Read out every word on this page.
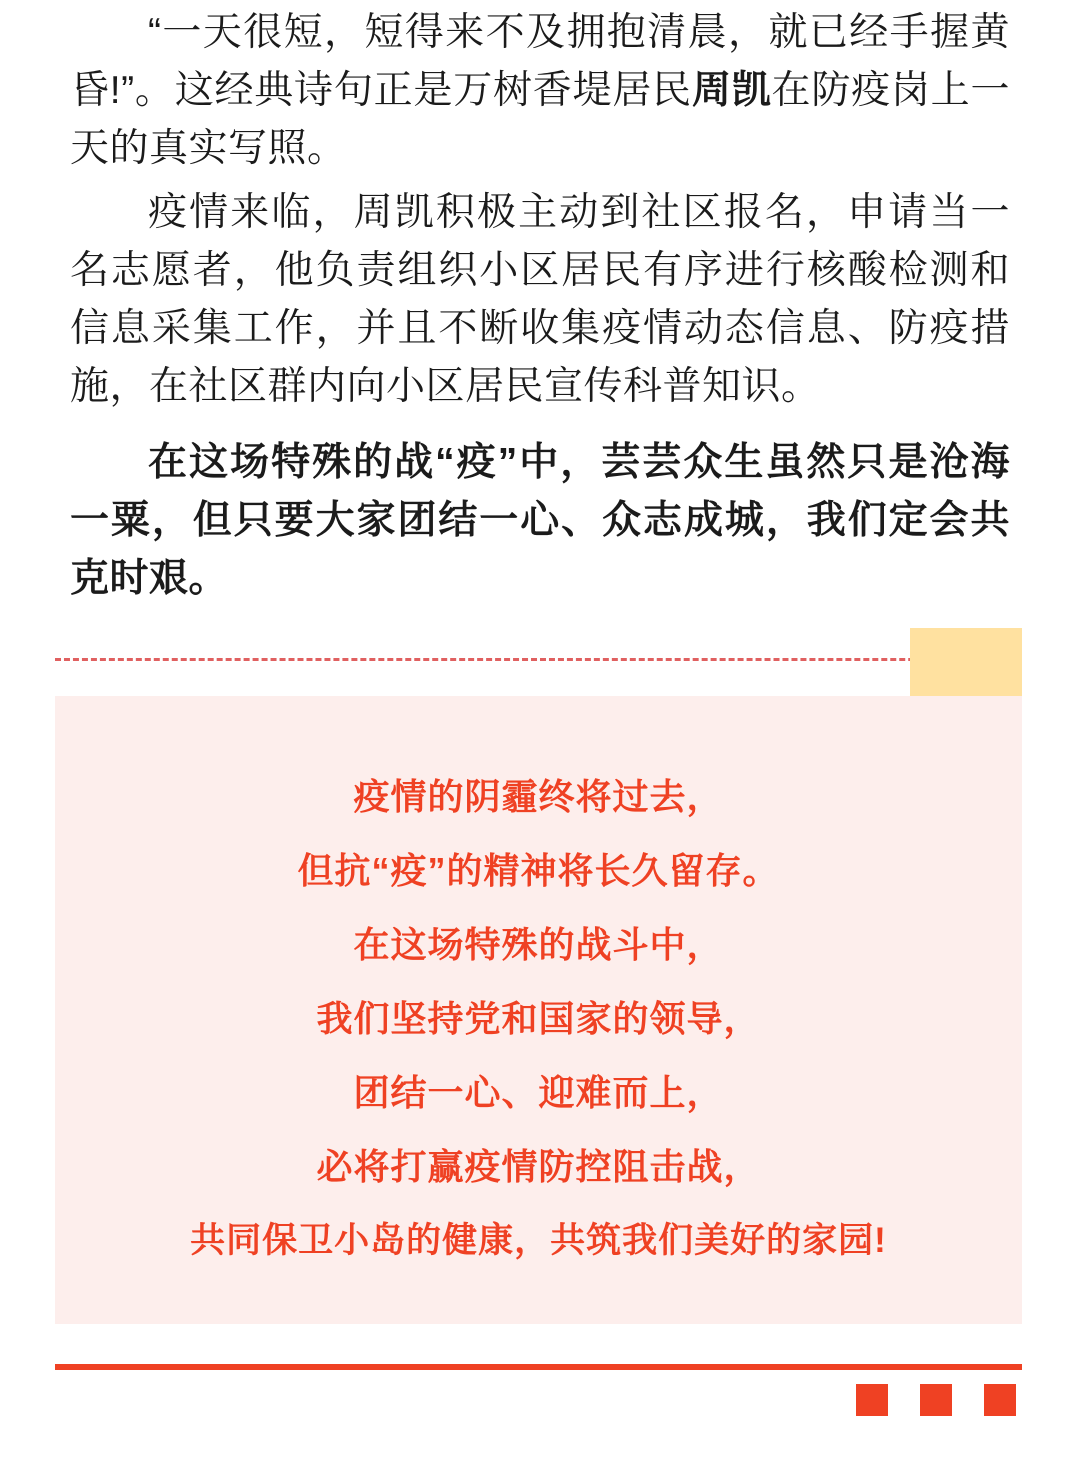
“一天很短，短得来不及拥抱清晨，就已经手握黄昏!”。这经典诗句正是万树香堤居民周凯在防疫岗上一天的真实写照。

疫情来临，周凯积极主动到社区报名，申请当一名志愿者，他负责组织小区居民有序进行核酸检测和信息采集工作，并且不断收集疫情动态信息、防疫措施，在社区群内向小区居民宣传科普知识。

在这场特殊的战“疫”中，芸芸众生虽然只是沧海一粟，但只要大家团结一心、众志成城，我们定会共克时艰。

疫情的阴霾终将过去，
但抗“疫”的精神将长久留存。
在这场特殊的战斗中，
我们坚持党和国家的领导，
团结一心、迎难而上，
必将打赢疫情防控阻击战，
共同保卫小岛的健康，共筑我们美好的家园!
